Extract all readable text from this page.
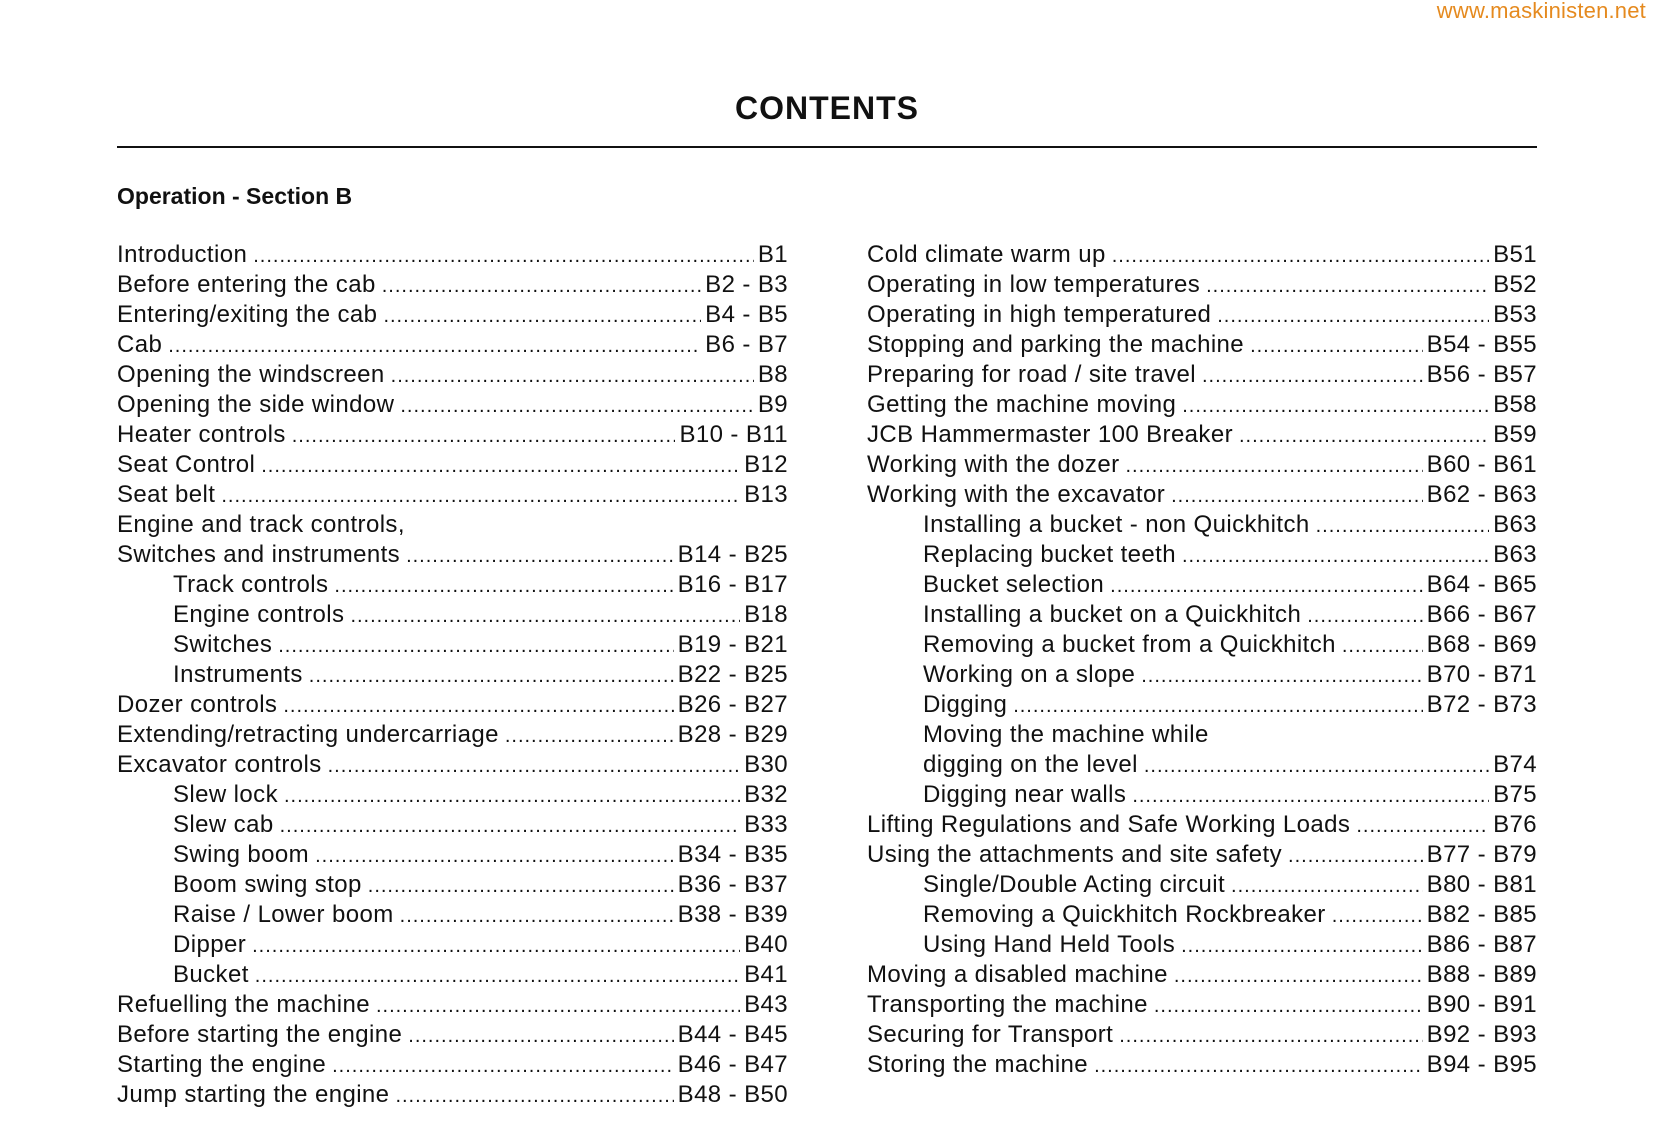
www.maskinisten.net
CONTENTS
Operation - Section B
Introduction .....	B1
Before entering the cab .....	B2 - B3
Entering/exiting the cab .....	B4 - B5
Cab .....	B6 - B7
Opening the windscreen .....	B8
Opening the side window .....	B9
Heater controls .....	B10 - B11
Seat Control .....	B12
Seat belt .....	B13
Engine and track controls,
Switches and instruments .....	B14 - B25
Track controls .....	B16 - B17
Engine controls .....	B18
Switches .....	B19 - B21
Instruments .....	B22 - B25
Dozer controls .....	B26 - B27
Extending/retracting undercarriage .....	B28 - B29
Excavator controls .....	B30
Slew lock .....	B32
Slew cab .....	B33
Swing boom .....	B34 - B35
Boom swing stop .....	B36 - B37
Raise / Lower boom .....	B38 - B39
Dipper .....	B40
Bucket .....	B41
Refuelling the machine .....	B43
Before starting the engine .....	B44 - B45
Starting the engine .....	B46 - B47
Jump starting the engine .....	B48 - B50
Cold climate warm up .....	B51
Operating in low temperatures .....	B52
Operating in high temperatured .....	B53
Stopping and parking the machine .....	B54 - B55
Preparing for road / site travel .....	B56 - B57
Getting the machine moving .....	B58
JCB Hammermaster 100 Breaker .....	B59
Working with the dozer .....	B60 - B61
Working with the excavator .....	B62 - B63
Installing a bucket - non Quickhitch .....	B63
Replacing bucket teeth .....	B63
Bucket selection .....	B64 - B65
Installing a bucket on a Quickhitch .....	B66 - B67
Removing a bucket from a Quickhitch .....	B68 - B69
Working on a slope .....	B70 - B71
Digging .....	B72 - B73
Moving the machine while
digging on the level .....	B74
Digging near walls .....	B75
Lifting Regulations and Safe Working Loads .....	B76
Using the attachments and site safety .....	B77 - B79
Single/Double Acting circuit .....	B80 - B81
Removing a Quickhitch Rockbreaker .....	B82 - B85
Using Hand Held Tools .....	B86 - B87
Moving a disabled machine .....	B88 - B89
Transporting the machine .....	B90 - B91
Securing for Transport .....	B92 - B93
Storing the machine .....	B94 - B95
